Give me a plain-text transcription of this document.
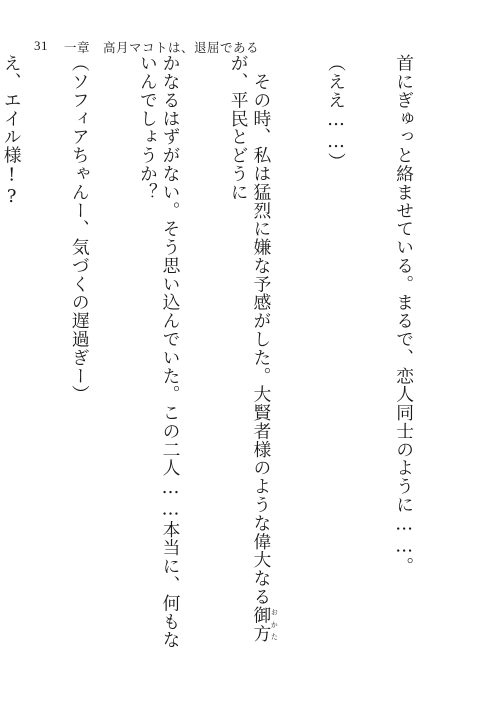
31 一章　高月マコトは、退屈である

首にぎゅっと絡ませている。まるで、恋人同士のように……。

（ええ……）

　その時、私は猛烈に嫌な予感がした。大賢者様のような偉大なる御方おかたが、平民とどうに

かなるはずがない。そう思い込んでいた。この二人……本当に、何もないんでしょうか？

（ソフィアちゃんー、気づくの遅過ぎー）

え、エイル様!?
